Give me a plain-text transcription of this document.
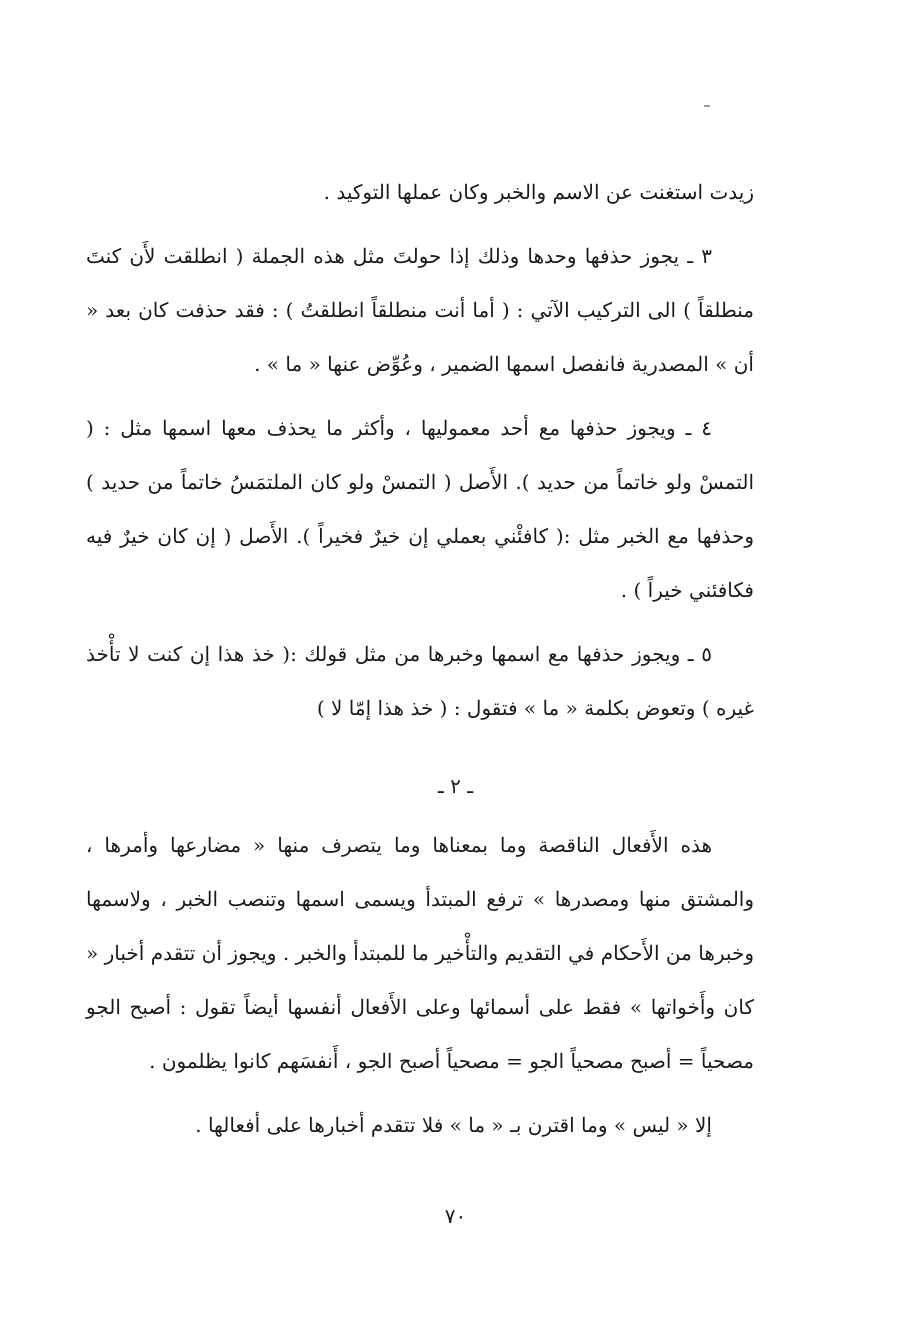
زيدت استغنت عن الاسم والخبر وكان عملها التوكيد .

٣ ـ يجوز حذفها وحدها وذلك إذا حولتَ مثل هذه الجملة ( انطلقت لأَن كنتَ منطلقاً ) الى التركيب الآتي : ( أما أنت منطلقاً انطلقتُ ) : فقد حذفت كان بعد « أن » المصدرية فانفصل اسمها الضمير ، وعُوِّض عنها « ما » .

٤ ـ ويجوز حذفها مع أحد معموليها ، وأكثر ما يحذف معها اسمها مثل : ( التمسْ ولو خاتماً من حديد ). الأَصل ( التمسْ ولو كان الملتمَسُ خاتماً من حديد ) وحذفها مع الخبر مثل :( كافئْني بعملي إن خيرٌ فخيراً ). الأَصل ( إن كان خيرٌ فيه فكافئني خيراً ) .

٥ ـ ويجوز حذفها مع اسمها وخبرها من مثل قولك :( خذ هذا إن كنت لا تأْخذ غيره ) وتعوض بكلمة « ما » فتقول : ( خذ هذا إمّا لا )

ـ ٢ ـ

هذه الأَفعال الناقصة وما بمعناها وما يتصرف منها « مضارعها وأمرها ، والمشتق منها ومصدرها » ترفع المبتدأ ويسمى اسمها وتنصب الخبر ، ولاسمها وخبرها من الأَحكام في التقديم والتأْخير ما للمبتدأ والخبر . ويجوز أن تتقدم أخبار « كان وأَخواتها » فقط على أسمائها وعلى الأَفعال أنفسها أيضاً تقول : أصبح الجو مصحياً = أصبح مصحياً الجو = مصحياً أصبح الجو ، أَنفسَهم كانوا يظلمون .

إلا « ليس » وما اقترن بـ « ما » فلا تتقدم أخبارها على أفعالها .

٧٠
